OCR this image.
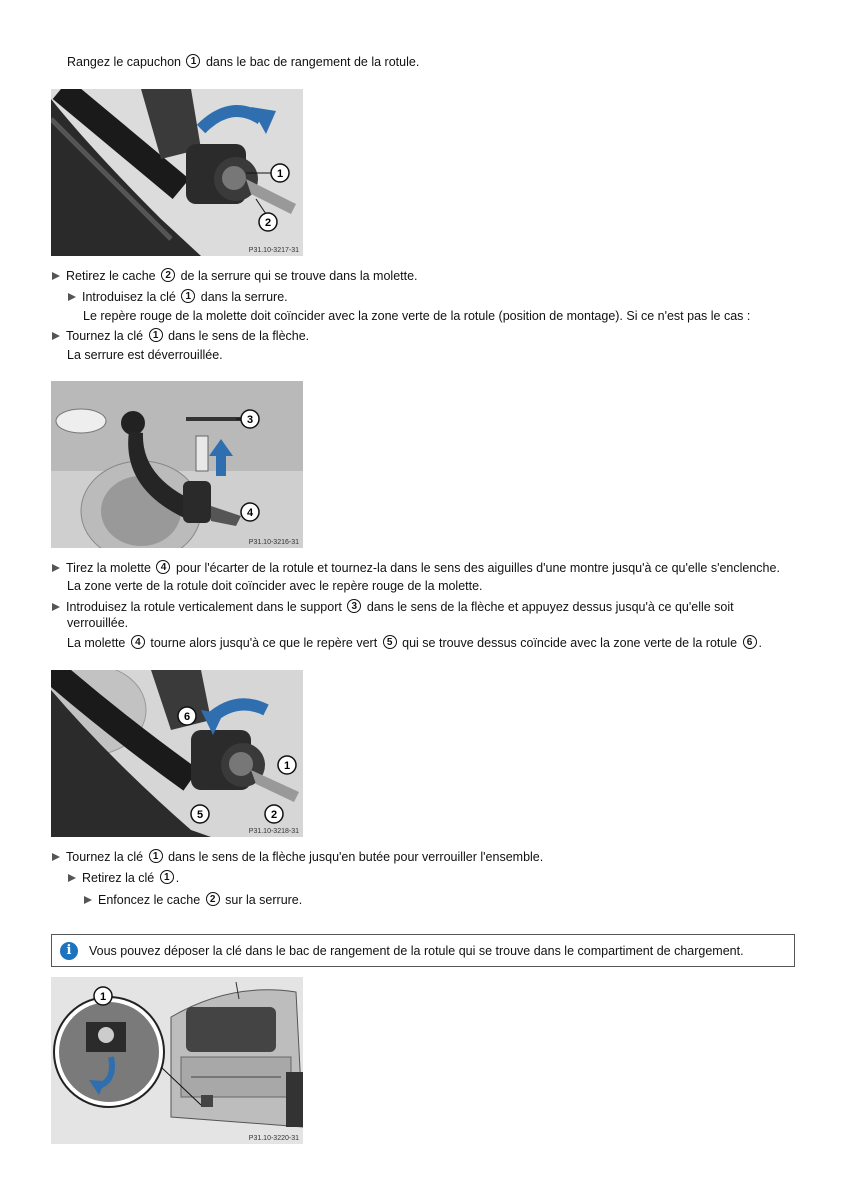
Rangez le capuchon 1 dans le bac de rangement de la rotule.
1
2
P31.10-3217-31
Retirez le cache 2 de la serrure qui se trouve dans la molette.
Introduisez la clé 1 dans la serrure.
Le repère rouge de la molette doit coïncider avec la zone verte de la rotule (position de montage). Si ce n'est pas le cas :
Tournez la clé 1 dans le sens de la flèche.
La serrure est déverrouillée.
3
4
P31.10-3216-31
Tirez la molette 4 pour l'écarter de la rotule et tournez-la dans le sens des aiguilles d'une montre jusqu'à ce qu'elle s'enclenche.
La zone verte de la rotule doit coïncider avec le repère rouge de la molette.
Introduisez la rotule verticalement dans le support 3 dans le sens de la flèche et appuyez dessus jusqu'à ce qu'elle soit
verrouillée.
La molette 4 tourne alors jusqu'à ce que le repère vert 5 qui se trouve dessus coïncide avec la zone verte de la rotule 6 .
6
1
5	2
P31.10-3218-31
Tournez la clé 1 dans le sens de la flèche jusqu'en butée pour verrouiller l'ensemble.
Retirez la clé 1 .
Enfoncez le cache 2 sur la serrure.
i	Vous pouvez déposer la clé dans le bac de rangement de la rotule qui se trouve dans le compartiment de chargement.
1
P31.10-3220-31
